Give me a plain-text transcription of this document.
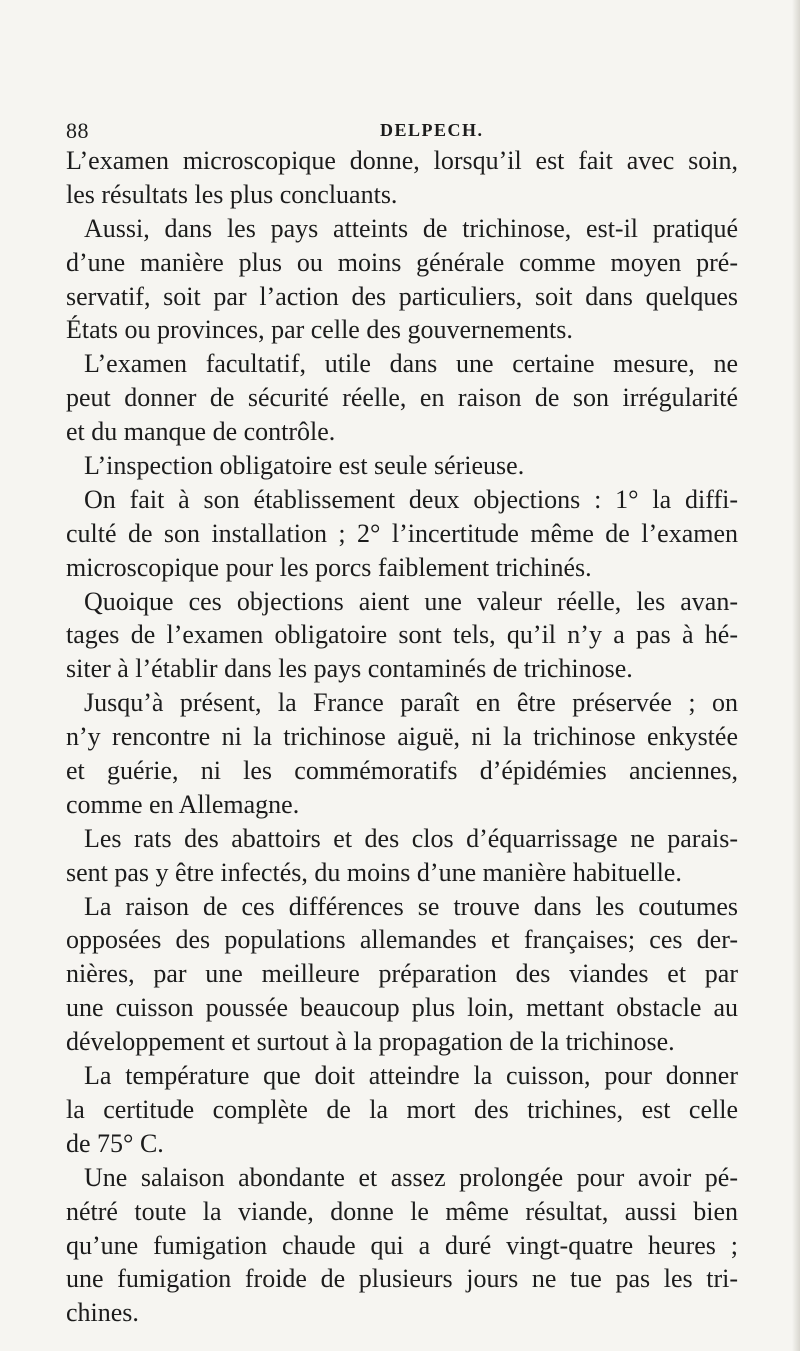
88	DELPECH.
L’examen microscopique donne, lorsqu’il est fait avec soin,
les résultats les plus concluants.
Aussi, dans les pays atteints de trichinose, est-il pratiqué
d’une manière plus ou moins générale comme moyen pré-
servatif, soit par l’action des particuliers, soit dans quelques
États ou provinces, par celle des gouvernements.
L’examen facultatif, utile dans une certaine mesure, ne
peut donner de sécurité réelle, en raison de son irrégularité
et du manque de contrôle.
L’inspection obligatoire est seule sérieuse.
On fait à son établissement deux objections : 1° la diffi-
culté de son installation ; 2° l’incertitude même de l’examen
microscopique pour les porcs faiblement trichinés.
Quoique ces objections aient une valeur réelle, les avan-
tages de l’examen obligatoire sont tels, qu’il n’y a pas à hé-
siter à l’établir dans les pays contaminés de trichinose.
Jusqu’à présent, la France paraît en être préservée ; on
n’y rencontre ni la trichinose aiguë, ni la trichinose enkystée
et guérie, ni les commémoratifs d’épidémies anciennes,
comme en Allemagne.
Les rats des abattoirs et des clos d’équarrissage ne parais-
sent pas y être infectés, du moins d’une manière habituelle.
La raison de ces différences se trouve dans les coutumes
opposées des populations allemandes et françaises; ces der-
nières, par une meilleure préparation des viandes et par
une cuisson poussée beaucoup plus loin, mettant obstacle au
développement et surtout à la propagation de la trichinose.
La température que doit atteindre la cuisson, pour donner
la certitude complète de la mort des trichines, est celle
de 75° C.
Une salaison abondante et assez prolongée pour avoir pé-
nétré toute la viande, donne le même résultat, aussi bien
qu’une fumigation chaude qui a duré vingt-quatre heures ;
une fumigation froide de plusieurs jours ne tue pas les tri-
chines.
